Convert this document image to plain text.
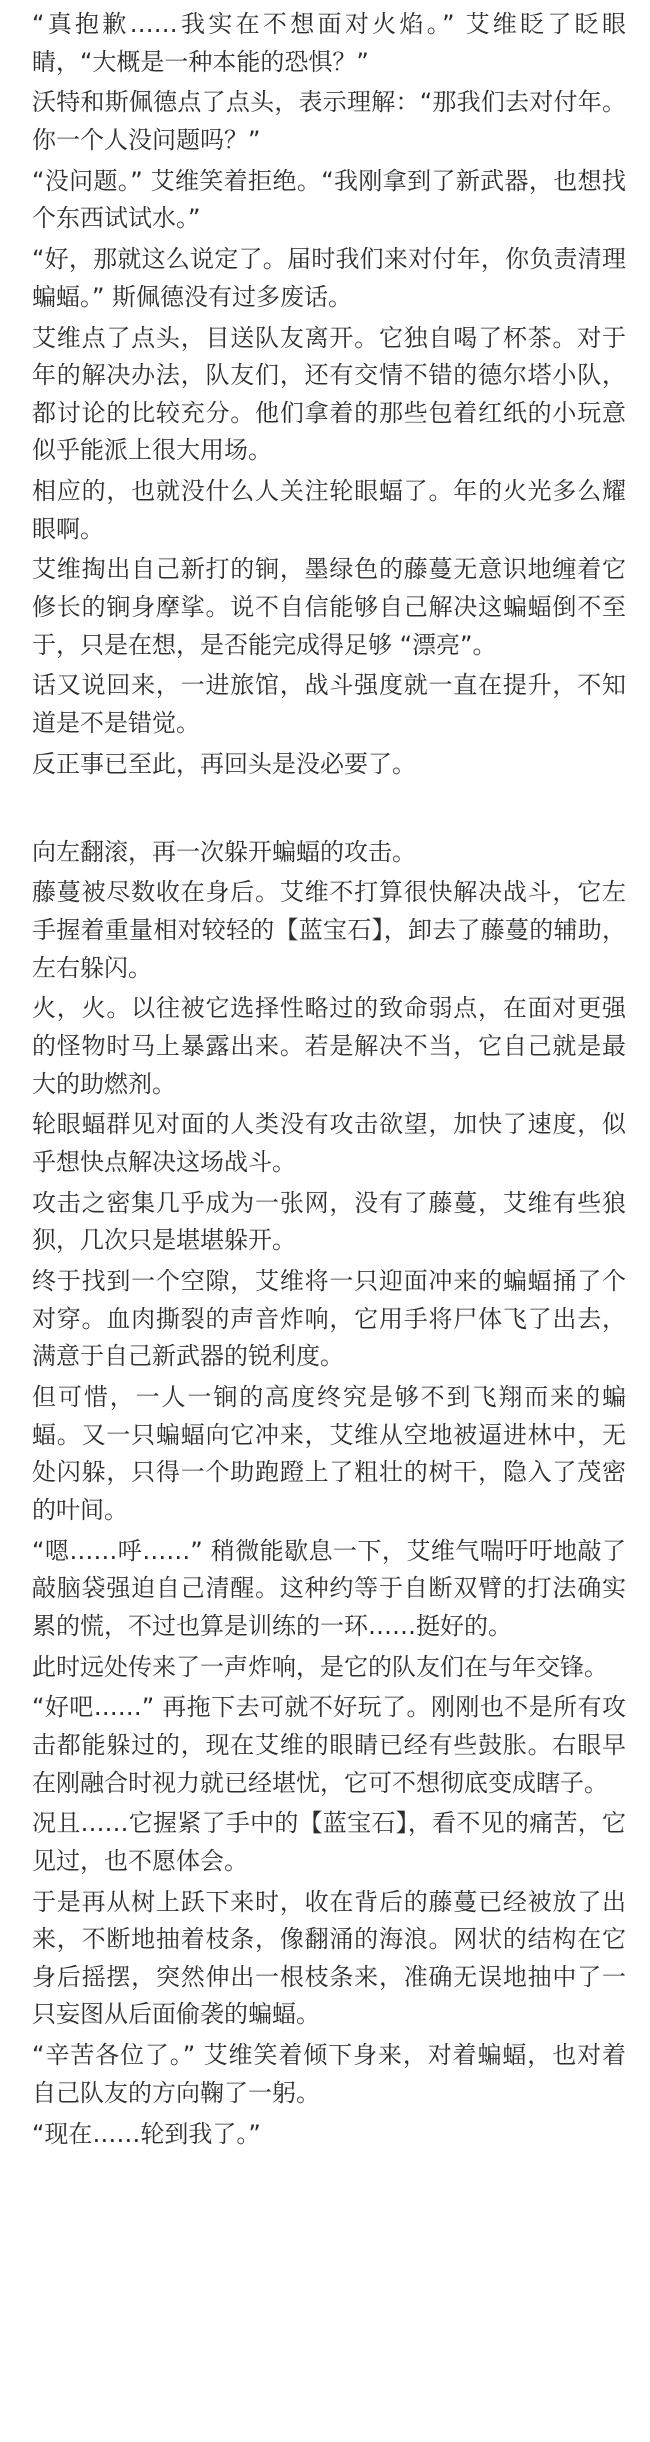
“真抱歉……我实在不想面对火焰。” 艾维眨了眨眼睛，“大概是一种本能的恐惧？”

沃特和斯佩德点了点头，表示理解：“那我们去对付年。你一个人没问题吗？”

“没问题。” 艾维笑着拒绝。“我刚拿到了新武器，也想找个东西试试水。”

“好，那就这么说定了。届时我们来对付年，你负责清理蝙蝠。” 斯佩德没有过多废话。

艾维点了点头，目送队友离开。它独自喝了杯茶。对于年的解决办法，队友们，还有交情不错的德尔塔小队，都讨论的比较充分。他们拿着的那些包着红纸的小玩意似乎能派上很大用场。

相应的，也就没什么人关注轮眼蝠了。年的火光多么耀眼啊。

艾维掏出自己新打的锏，墨绿色的藤蔓无意识地缠着它修长的锏身摩挲。说不自信能够自己解决这蝙蝠倒不至于，只是在想，是否能完成得足够 “漂亮”。

话又说回来，一进旅馆，战斗强度就一直在提升，不知道是不是错觉。

反正事已至此，再回头是没必要了。

向左翻滚，再一次躲开蝙蝠的攻击。

藤蔓被尽数收在身后。艾维不打算很快解决战斗，它左手握着重量相对较轻的【蓝宝石】，卸去了藤蔓的辅助，左右躲闪。

火，火。以往被它选择性略过的致命弱点，在面对更强的怪物时马上暴露出来。若是解决不当，它自己就是最大的助燃剂。

轮眼蝠群见对面的人类没有攻击欲望，加快了速度，似乎想快点解决这场战斗。

攻击之密集几乎成为一张网，没有了藤蔓，艾维有些狼狈，几次只是堪堪躲开。

终于找到一个空隙，艾维将一只迎面冲来的蝙蝠捅了个对穿。血肉撕裂的声音炸响，它用手将尸体飞了出去，满意于自己新武器的锐利度。

但可惜，一人一锏的高度终究是够不到飞翔而来的蝙蝠。又一只蝙蝠向它冲来，艾维从空地被逼进林中，无处闪躲，只得一个助跑蹬上了粗壮的树干，隐入了茂密的叶间。

“嗯……呼……” 稍微能歇息一下，艾维气喘吁吁地敲了敲脑袋强迫自己清醒。这种约等于自断双臂的打法确实累的慌，不过也算是训练的一环……挺好的。

此时远处传来了一声炸响，是它的队友们在与年交锋。

“好吧……” 再拖下去可就不好玩了。刚刚也不是所有攻击都能躲过的，现在艾维的眼睛已经有些鼓胀。右眼早在刚融合时视力就已经堪忧，它可不想彻底变成瞎子。

况且……它握紧了手中的【蓝宝石】，看不见的痛苦，它见过，也不愿体会。

于是再从树上跃下来时，收在背后的藤蔓已经被放了出来，不断地抽着枝条，像翻涌的海浪。网状的结构在它身后摇摆，突然伸出一根枝条来，准确无误地抽中了一只妄图从后面偷袭的蝙蝠。

“辛苦各位了。” 艾维笑着倾下身来，对着蝙蝠，也对着自己队友的方向鞠了一躬。

“现在……轮到我了。”
